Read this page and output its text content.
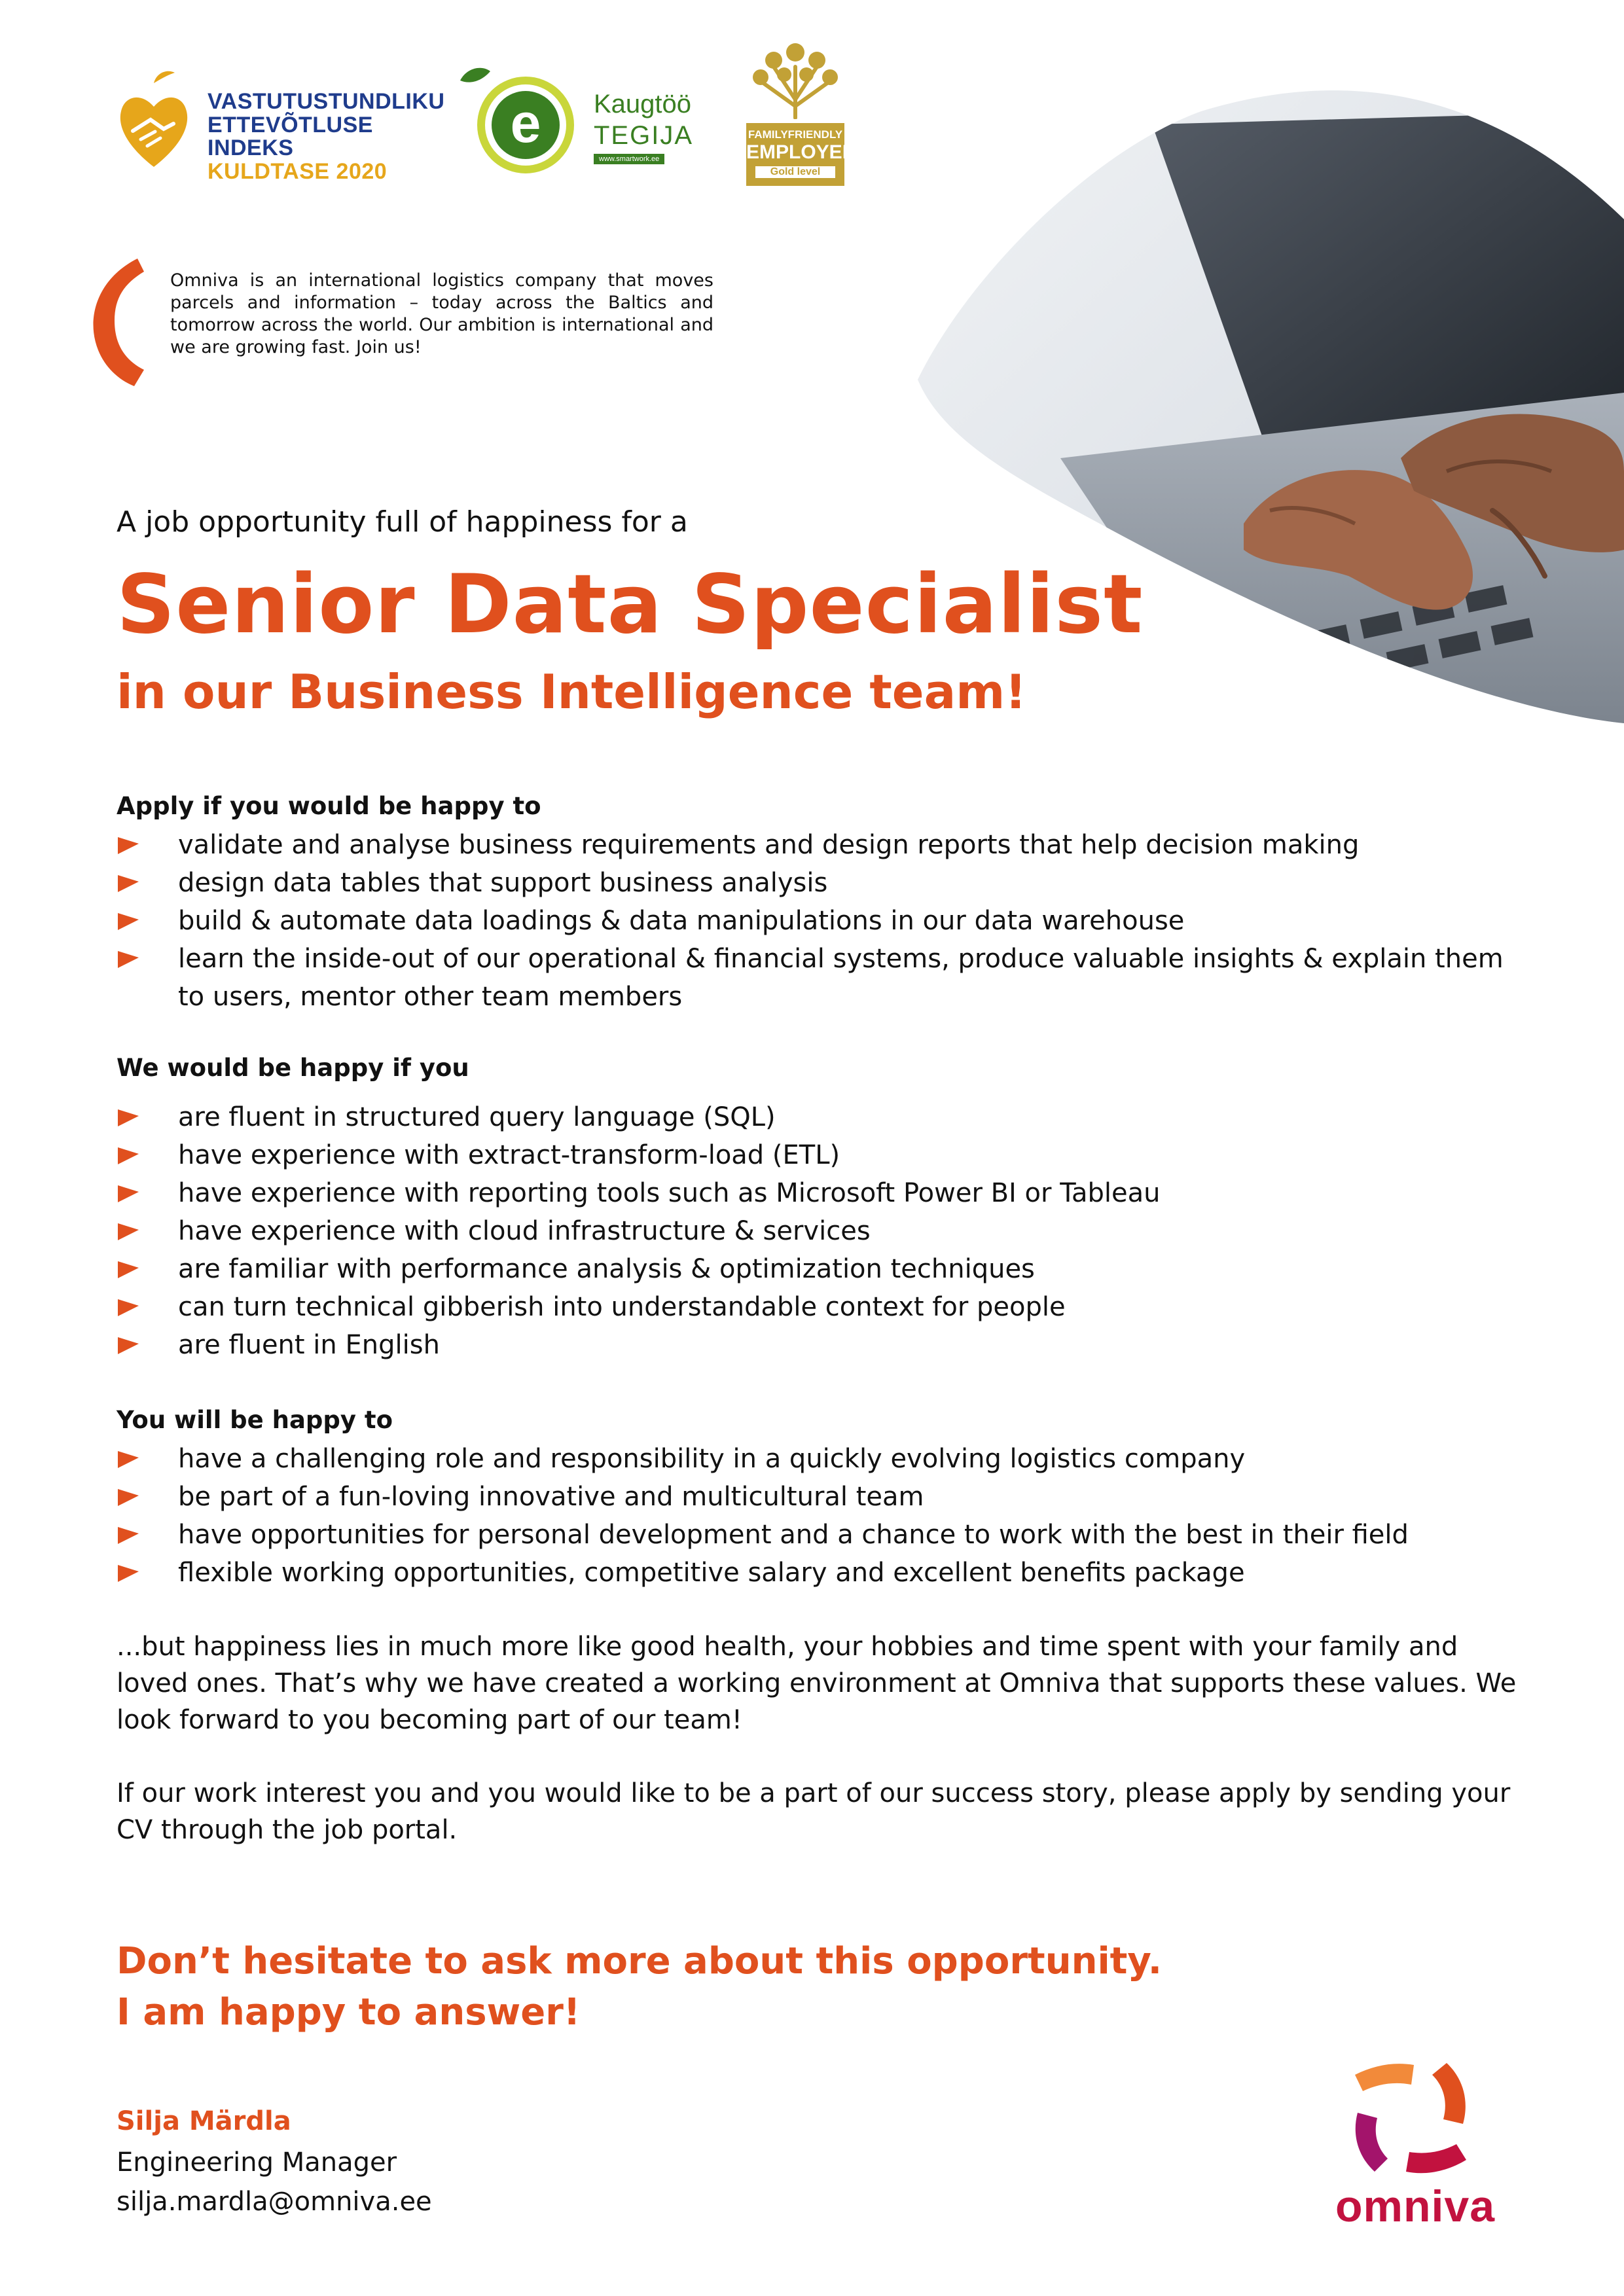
VASTUTUSTUNDLIKU
ETTEVÕTLUSE INDEKS
KULDTASE 2020
e Kaugtöö
TEGIJA
www.smartwork.ee
FAMILYFRIENDLY
EMPLOYER
Gold level
Omniva is an international logistics company that moves parcels and information – today across the Baltics and tomorrow across the world. Our ambition is international and we are growing fast. Join us!
A job opportunity full of happiness for a
Senior Data Specialist
in our Business Intelligence team!
Apply if you would be happy to
validate and analyse business requirements and design reports that help decision making
design data tables that support business analysis
build & automate data loadings & data manipulations in our data warehouse
learn the inside-out of our operational & financial systems, produce valuable insights & explain them to users, mentor other team members
We would be happy if you
are fluent in structured query language (SQL)
have experience with extract-transform-load (ETL)
have experience with reporting tools such as Microsoft Power BI or Tableau
have experience with cloud infrastructure & services
are familiar with performance analysis & optimization techniques
can turn technical gibberish into understandable context for people
are fluent in English
You will be happy to
have a challenging role and responsibility in a quickly evolving logistics company
be part of a fun-loving innovative and multicultural team
have opportunities for personal development and a chance to work with the best in their field
flexible working opportunities, competitive salary and excellent benefits package
...but happiness lies in much more like good health, your hobbies and time spent with your family and loved ones. That’s why we have created a working environment at Omniva that supports these values. We look forward to you becoming part of our team!
If our work interest you and you would like to be a part of our success story, please apply by sending your CV through the job portal.
Don’t hesitate to ask more about this opportunity.
I am happy to answer!
Silja Märdla
Engineering Manager
silja.mardla@omniva.ee	omniva
